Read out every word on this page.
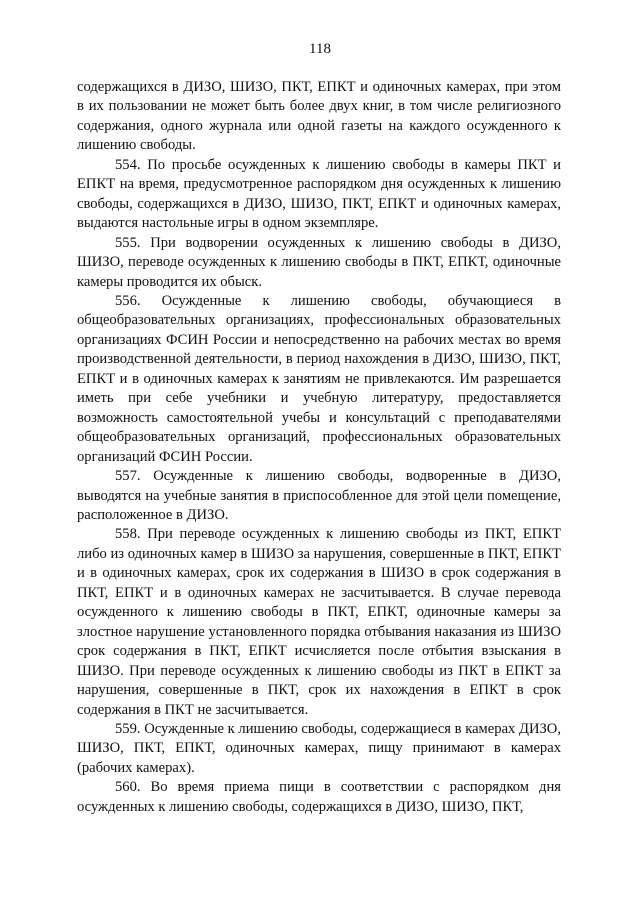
118

содержащихся в ДИЗО, ШИЗО, ПКТ, ЕПКТ и одиночных камерах, при этом в их пользовании не может быть более двух книг, в том числе религиозного содержания, одного журнала или одной газеты на каждого осужденного к лишению свободы.

554. По просьбе осужденных к лишению свободы в камеры ПКТ и ЕПКТ на время, предусмотренное распорядком дня осужденных к лишению свободы, содержащихся в ДИЗО, ШИЗО, ПКТ, ЕПКТ и одиночных камерах, выдаются настольные игры в одном экземпляре.

555. При водворении осужденных к лишению свободы в ДИЗО, ШИЗО, переводе осужденных к лишению свободы в ПКТ, ЕПКТ, одиночные камеры проводится их обыск.

556. Осужденные к лишению свободы, обучающиеся в общеобразовательных организациях, профессиональных образовательных организациях ФСИН России и непосредственно на рабочих местах во время производственной деятельности, в период нахождения в ДИЗО, ШИЗО, ПКТ, ЕПКТ и в одиночных камерах к занятиям не привлекаются. Им разрешается иметь при себе учебники и учебную литературу, предоставляется возможность самостоятельной учебы и консультаций с преподавателями общеобразовательных организаций, профессиональных образовательных организаций ФСИН России.

557. Осужденные к лишению свободы, водворенные в ДИЗО, выводятся на учебные занятия в приспособленное для этой цели помещение, расположенное в ДИЗО.

558. При переводе осужденных к лишению свободы из ПКТ, ЕПКТ либо из одиночных камер в ШИЗО за нарушения, совершенные в ПКТ, ЕПКТ и в одиночных камерах, срок их содержания в ШИЗО в срок содержания в ПКТ, ЕПКТ и в одиночных камерах не засчитывается. В случае перевода осужденного к лишению свободы в ПКТ, ЕПКТ, одиночные камеры за злостное нарушение установленного порядка отбывания наказания из ШИЗО срок содержания в ПКТ, ЕПКТ исчисляется после отбытия взыскания в ШИЗО. При переводе осужденных к лишению свободы из ПКТ в ЕПКТ за нарушения, совершенные в ПКТ, срок их нахождения в ЕПКТ в срок содержания в ПКТ не засчитывается.

559. Осужденные к лишению свободы, содержащиеся в камерах ДИЗО, ШИЗО, ПКТ, ЕПКТ, одиночных камерах, пищу принимают в камерах (рабочих камерах).

560. Во время приема пищи в соответствии с распорядком дня осужденных к лишению свободы, содержащихся в ДИЗО, ШИЗО, ПКТ,
